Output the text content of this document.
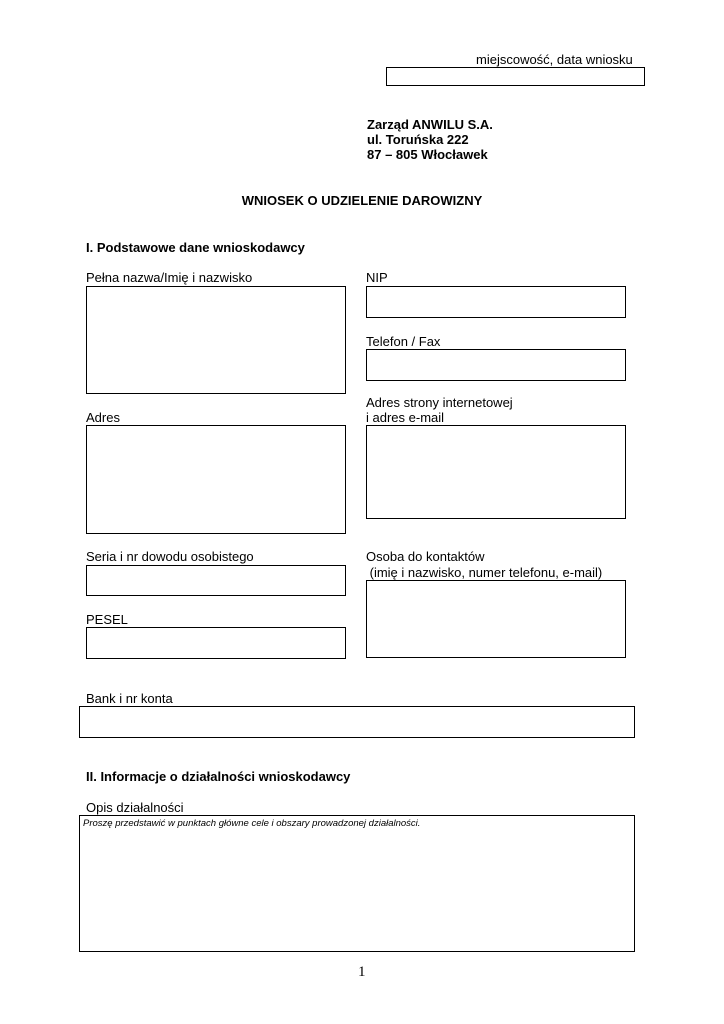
miejscowość, data wniosku
Zarząd ANWILU S.A.
ul. Toruńska 222
87 – 805 Włocławek
WNIOSEK O UDZIELENIE DAROWIZNY
I. Podstawowe dane wnioskodawcy
Pełna nazwa/Imię i nazwisko	NIP
Telefon / Fax
Adres strony internetowej
i adres e-mail
Adres
Seria i nr dowodu osobistego	Osoba do kontaktów
(imię i nazwisko, numer telefonu, e-mail)
PESEL
Bank i nr konta
II. Informacje o działalności wnioskodawcy
Opis działalności
Proszę przedstawić w punktach główne cele i obszary prowadzonej działalności.
1
